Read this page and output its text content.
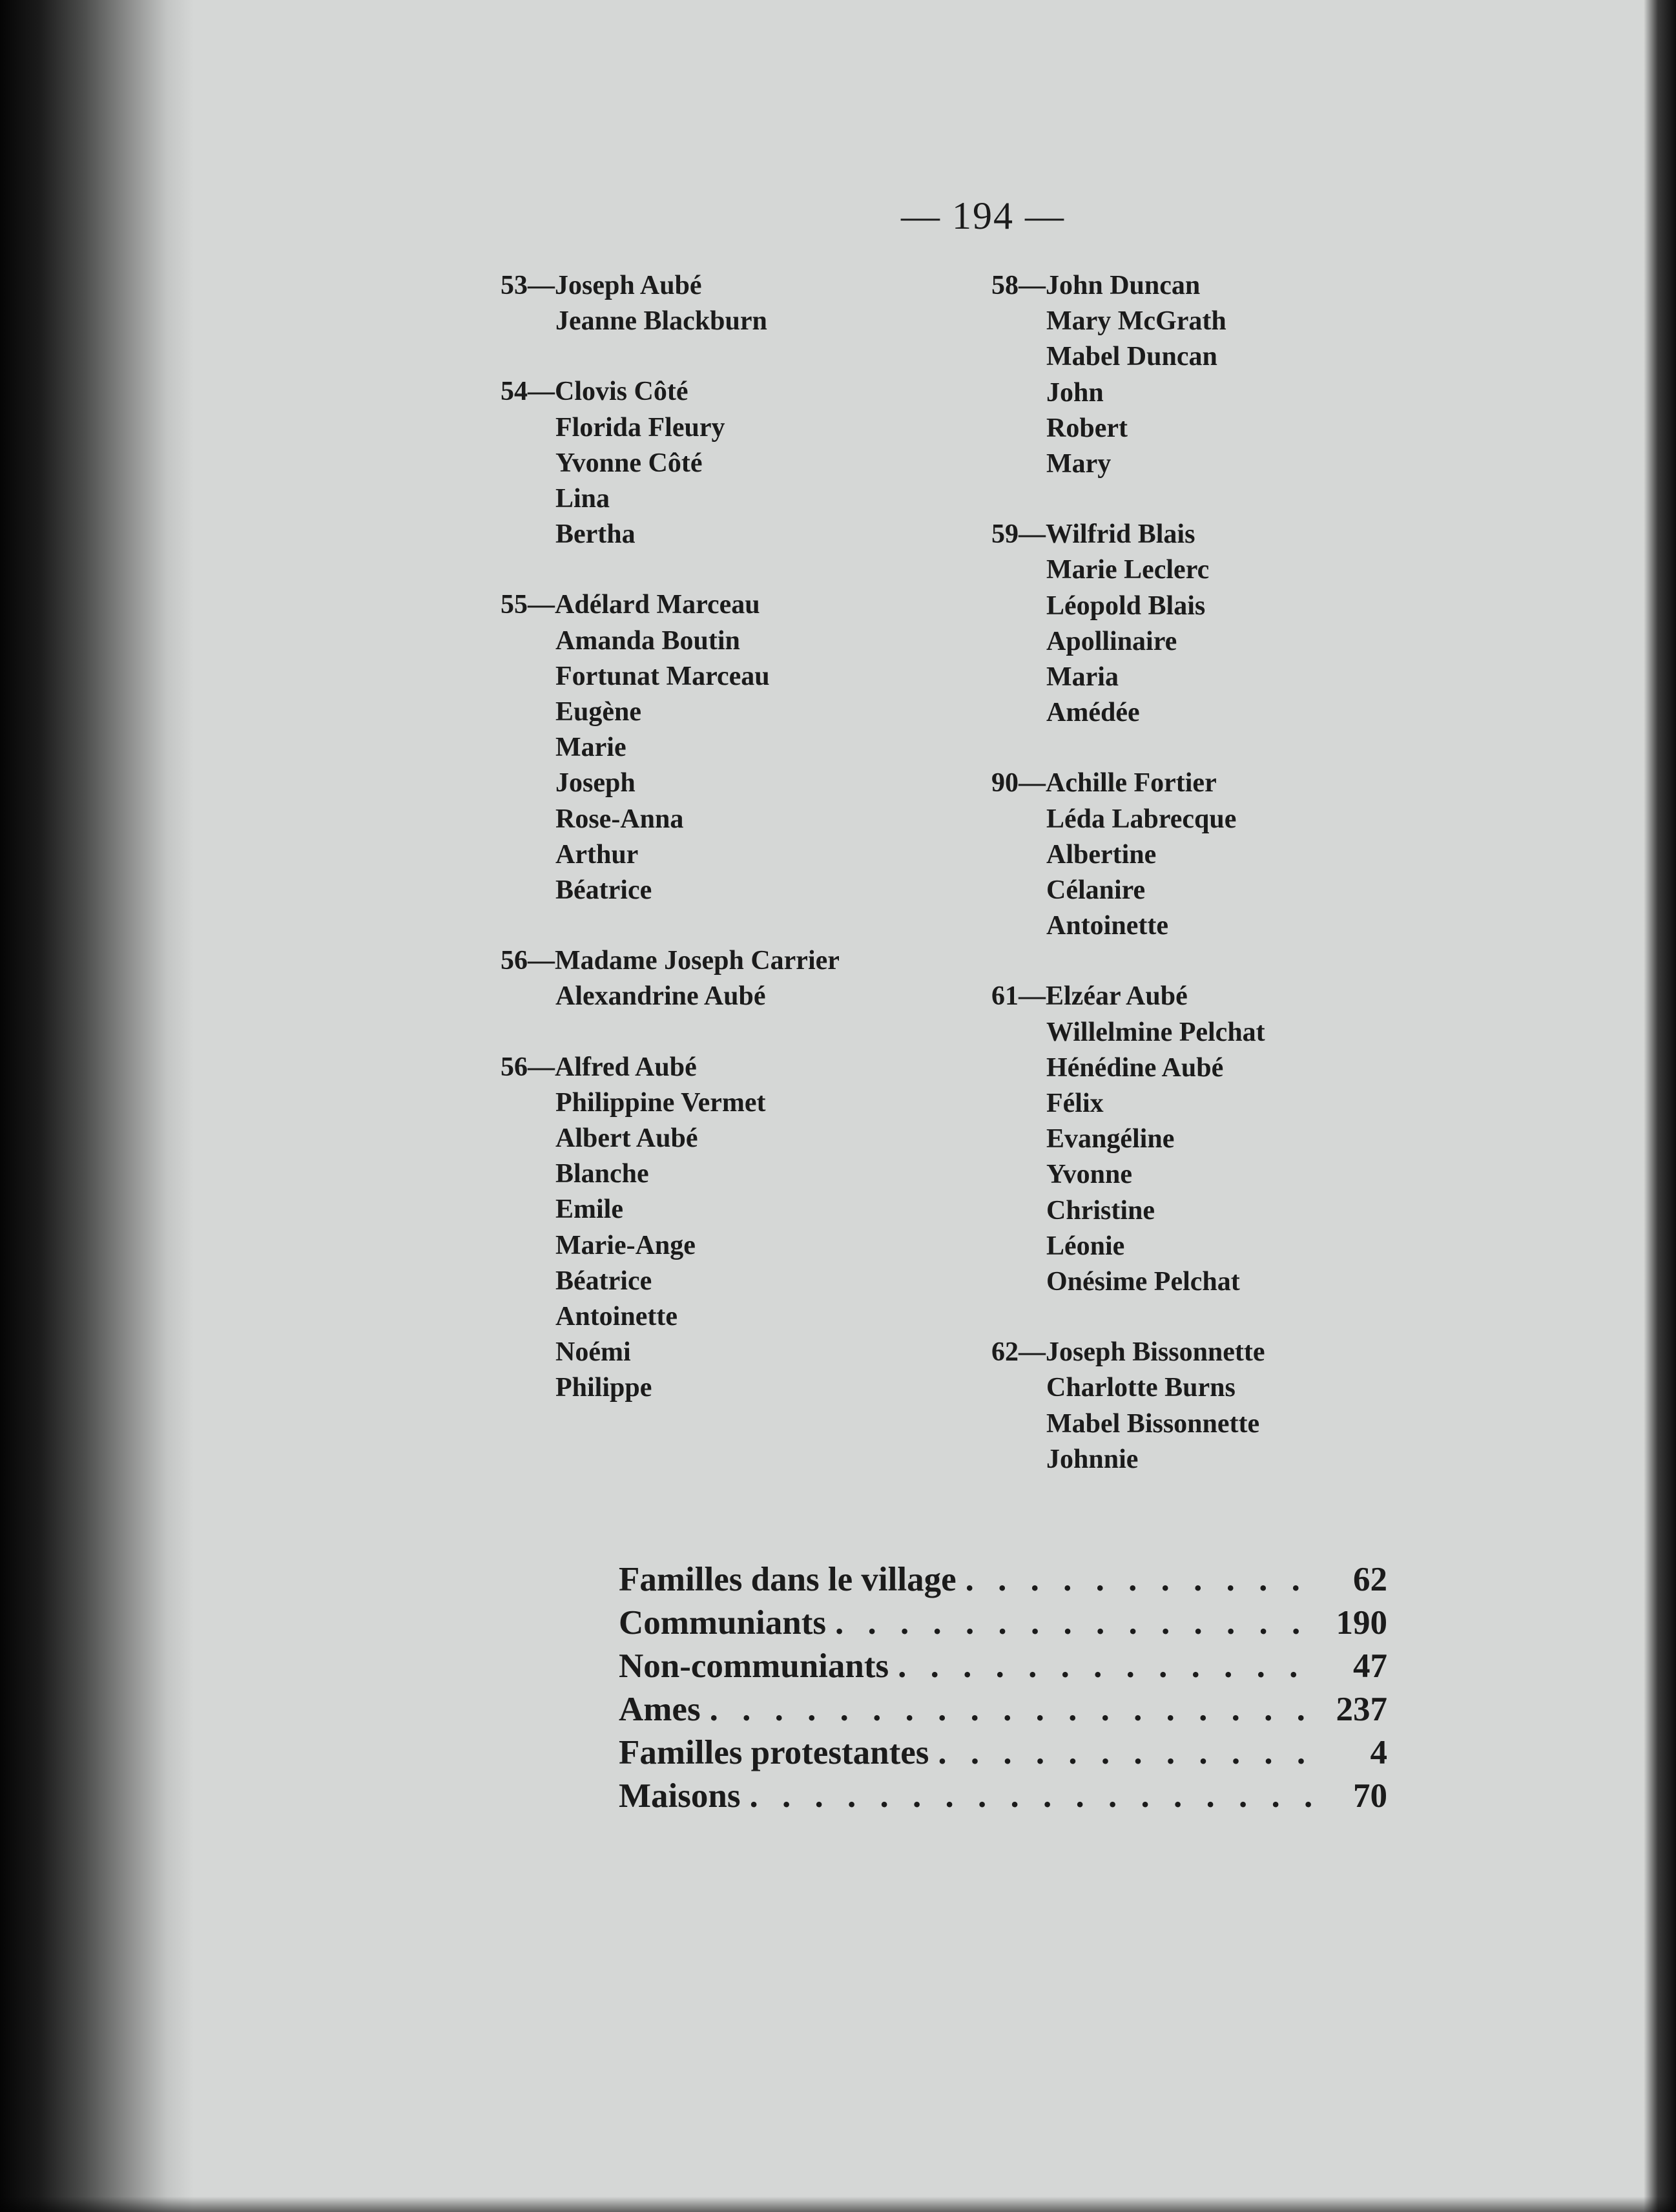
— 194 —
53—Joseph Aubé
Jeanne Blackburn
54—Clovis Côté
Florida Fleury
Yvonne Côté
Lina
Bertha
55—Adélard Marceau
Amanda Boutin
Fortunat Marceau
Eugène
Marie
Joseph
Rose-Anna
Arthur
Béatrice
56—Madame Joseph Carrier
Alexandrine Aubé
56—Alfred Aubé
Philippine Vermet
Albert Aubé
Blanche
Emile
Marie-Ange
Béatrice
Antoinette
Noémi
Philippe
58—John Duncan
Mary McGrath
Mabel Duncan
John
Robert
Mary
59—Wilfrid Blais
Marie Leclerc
Léopold Blais
Apollinaire
Maria
Amédée
90—Achille Fortier
Léda Labrecque
Albertine
Célanire
Antoinette
61—Elzéar Aubé
Willelmine Pelchat
Hénédine Aubé
Félix
Evangéline
Yvonne
Christine
Léonie
Onésime Pelchat
62—Joseph Bissonnette
Charlotte Burns
Mabel Bissonnette
Johnnie
Familles dans le village . . .	62
Communiants . . .	190
Non-communiants . . .	47
Ames . . .	237
Familles protestantes . . .	4
Maisons . . .	70
